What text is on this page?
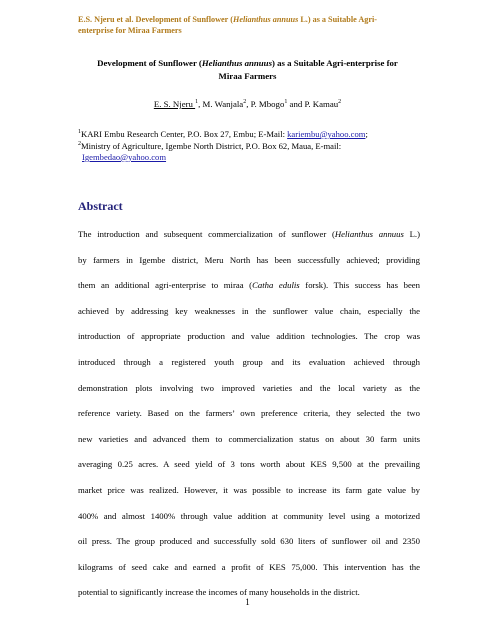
E.S. Njeru et al. Development of Sunflower (Helianthus annuus L.) as a Suitable Agri-
enterprise for Miraa Farmers
Development of Sunflower (Helianthus annuus) as a Suitable Agri-enterprise for
Miraa Farmers
E. S. Njeru $^1$, M. Wanjala$^2$, P. Mbogo$^1$ and P. Kamau$^2$
$^1$KARI Embu Research Center, P.O. Box 27, Embu; E-Mail: kariembu@yahoo.com;
$^2$Ministry of Agriculture, Igembe North District, P.O. Box 62, Maua, E-mail:
Igembedao@yahoo.com
Abstract
The introduction and subsequent commercialization of sunflower (Helianthus annuus L.)
by farmers in Igembe district, Meru North has been successfully achieved; providing
them an additional agri-enterprise to miraa (Catha edulis forsk). This success has been
achieved by addressing key weaknesses in the sunflower value chain, especially the
introduction of appropriate production and value addition technologies. The crop was
introduced through a registered youth group and its evaluation achieved through
demonstration plots involving two improved varieties and the local variety as the
reference variety. Based on the farmers’ own preference criteria, they selected the two
new varieties and advanced them to commercialization status on about 30 farm units
averaging 0.25 acres. A seed yield of 3 tons worth about KES 9,500 at the prevailing
market price was realized. However, it was possible to increase its farm gate value by
400% and almost 1400% through value addition at community level using a motorized
oil press. The group produced and successfully sold 630 liters of sunflower oil and 2350
kilograms of seed cake and earned a profit of KES 75,000. This intervention has the
potential to significantly increase the incomes of many households in the district.
1
